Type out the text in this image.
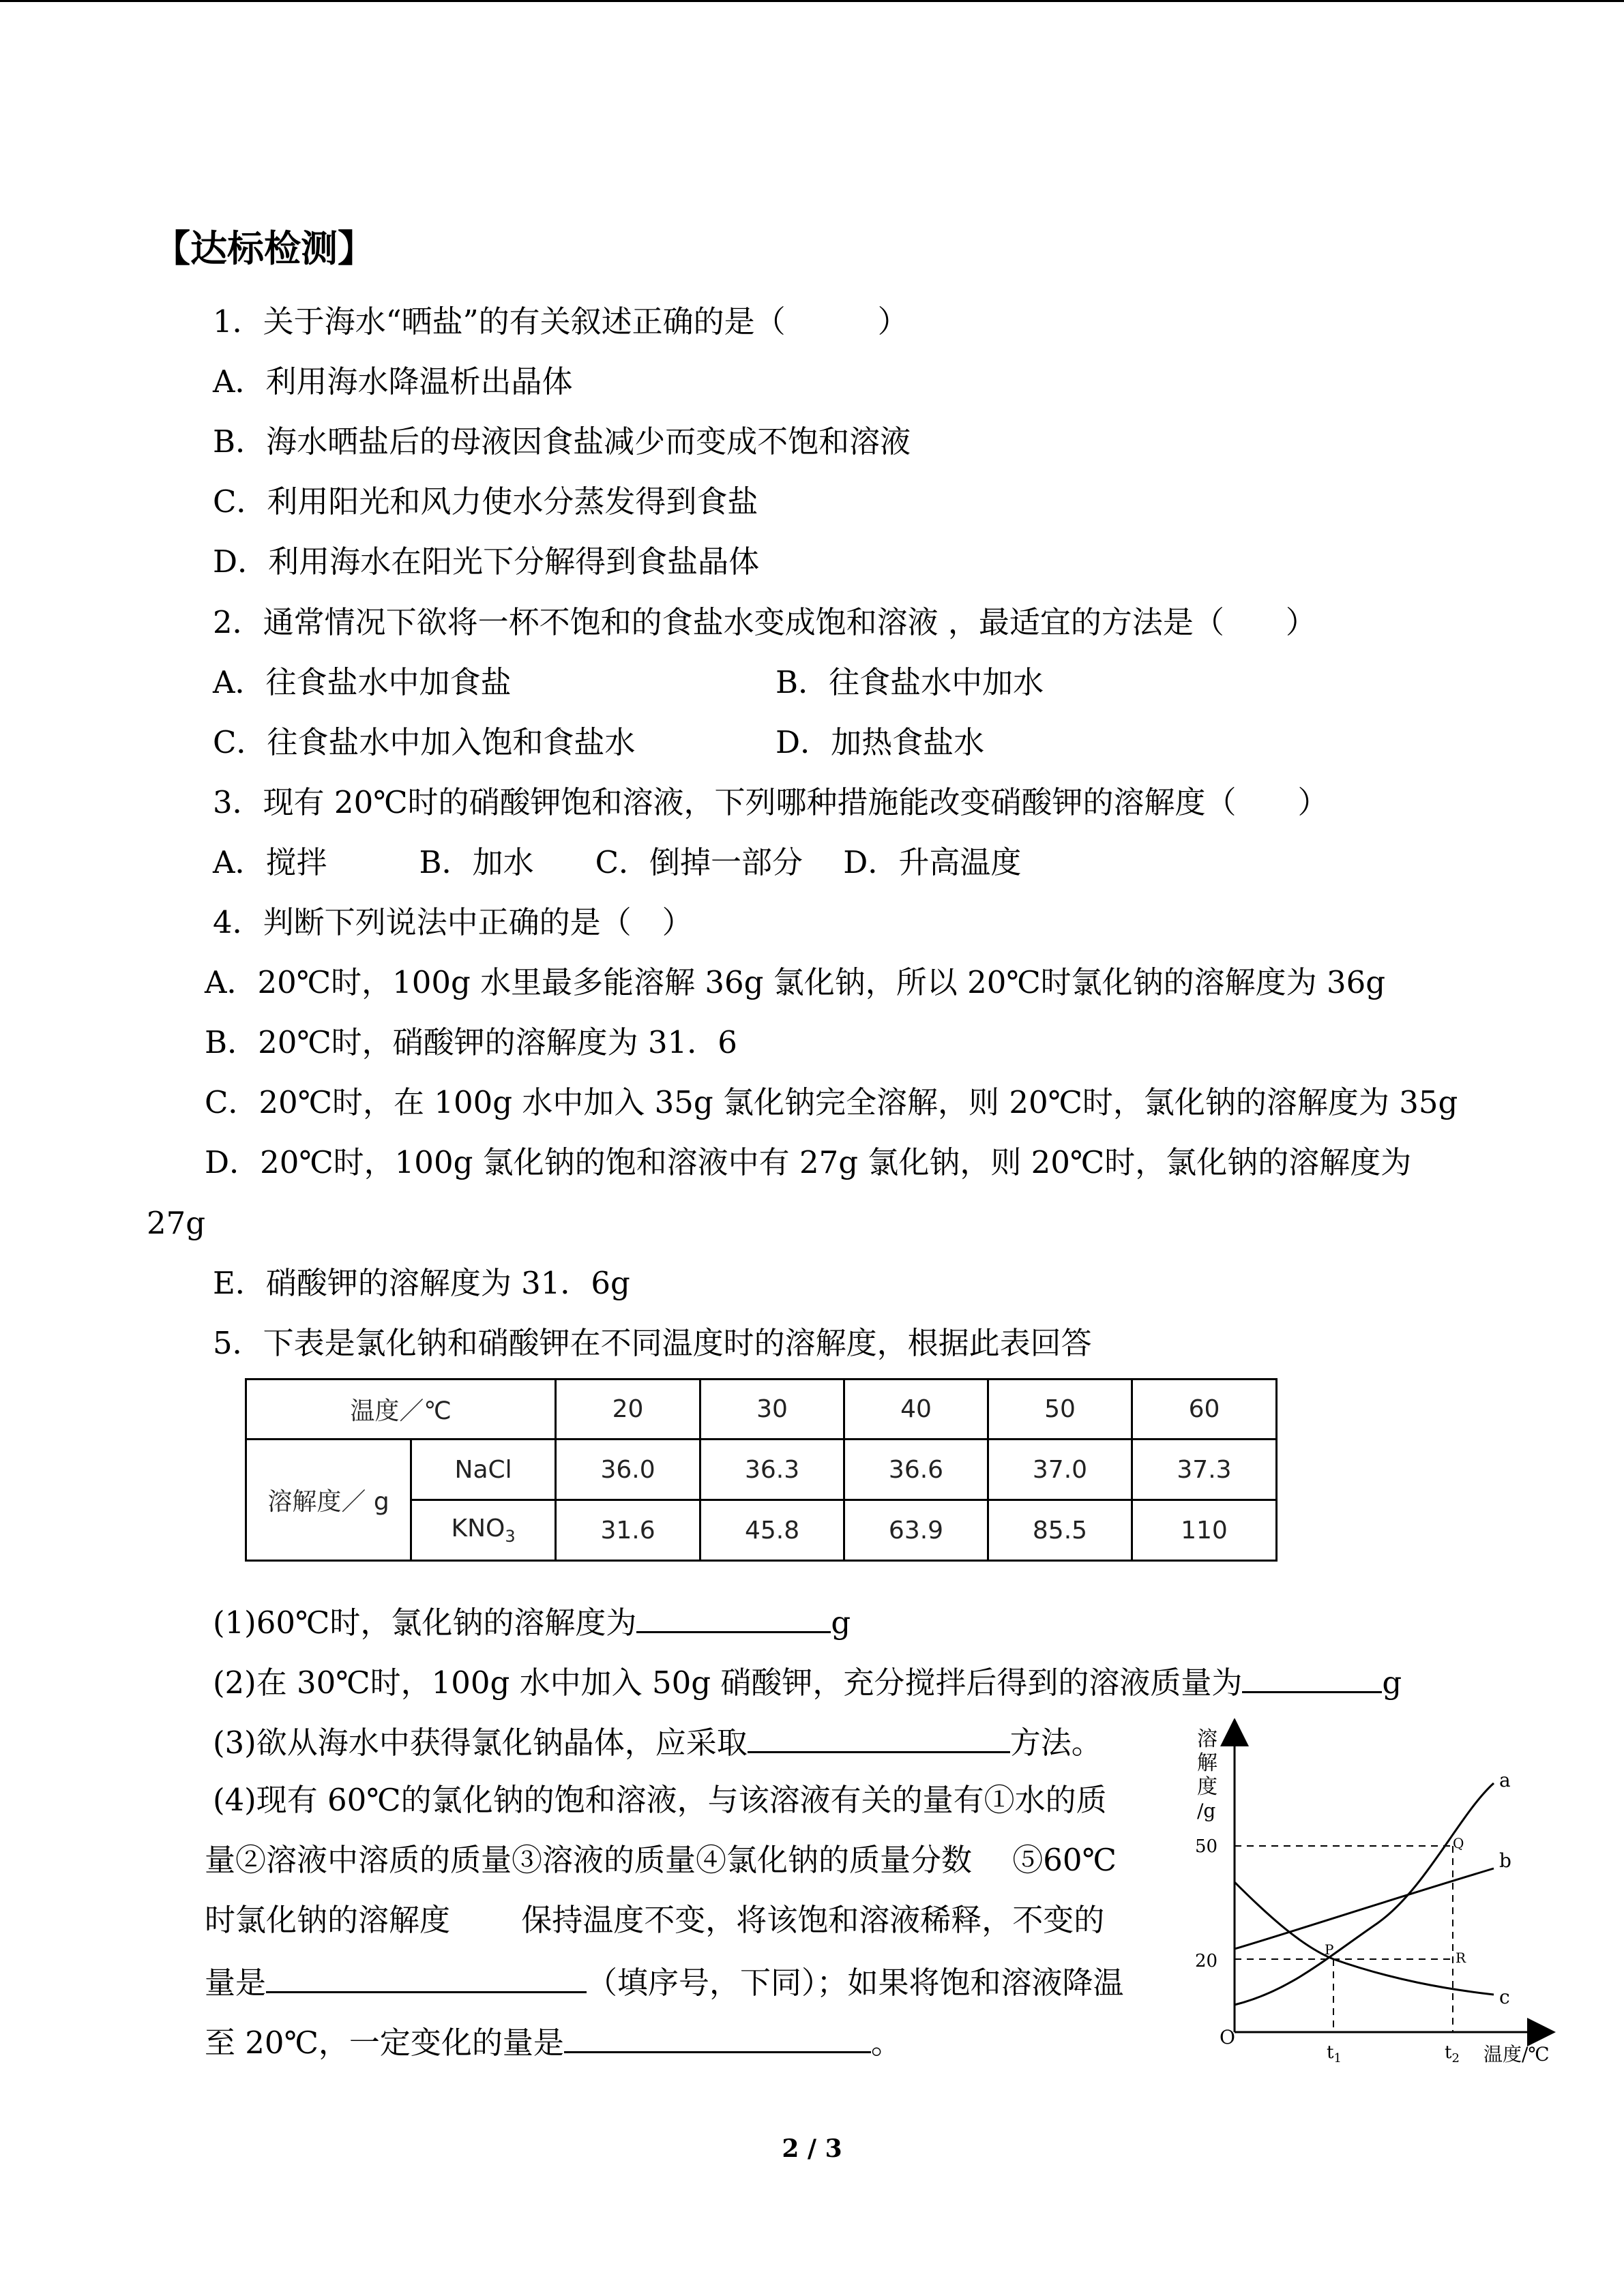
【达标检测】
1．关于海水“晒盐”的有关叙述正确的是（　　　）
A．利用海水降温析出晶体
B．海水晒盐后的母液因食盐减少而变成不饱和溶液
C．利用阳光和风力使水分蒸发得到食盐
D．利用海水在阳光下分解得到食盐晶体
2．通常情况下欲将一杯不饱和的食盐水变成饱和溶液 ，最适宜的方法是（　　）
A．往食盐水中加食盐	B．往食盐水中加水
C．往食盐水中加入饱和食盐水	D．加热食盐水
3．现有 20℃时的硝酸钾饱和溶液，下列哪种措施能改变硝酸钾的溶解度（　　）
A．搅拌　　　B．加水　　C．倒掉一部分　 D．升高温度
4．判断下列说法中正确的是（　）
A．20℃时，100g 水里最多能溶解 36g 氯化钠，所以 20℃时氯化钠的溶解度为 36g
B．20℃时，硝酸钾的溶解度为 31．6
C．20℃时，在 100g 水中加入 35g 氯化钠完全溶解，则 20℃时，氯化钠的溶解度为 35g
D．20℃时，100g 氯化钠的饱和溶液中有 27g 氯化钠，则 20℃时，氯化钠的溶解度为
27g
E．硝酸钾的溶解度为 31．6g
5．下表是氯化钠和硝酸钾在不同温度时的溶解度，根据此表回答
温度／℃		20	30	40	50	60
溶解度／ g	NaCl	36.0	36.3	36.6	37.0	37.3
	$KNO_3$	31.6	45.8	63.9	85.5	110
(1)60℃时，氯化钠的溶解度为	g
(2)在 30℃时，100g 水中加入 50g 硝酸钾，充分搅拌后得到的溶液质量为	g
(3)欲从海水中获得氯化钠晶体，应采取	方法。
(4)现有 60℃的氯化钠的饱和溶液，与该溶液有关的量有①水的质
量②溶液中溶质的质量③溶液的质量④氯化钠的质量分数　 ⑤60℃
时氯化钠的溶解度　　 保持温度不变，将该饱和溶液稀释，不变的
量是	（填序号，下同）；如果将饱和溶液降温
至 20℃，一定变化的量是	。
溶
解
度
/g
O
50
20
a
b
c
P
Q
R
$t_1$	$t_2$ 温度/℃
2 / 3
